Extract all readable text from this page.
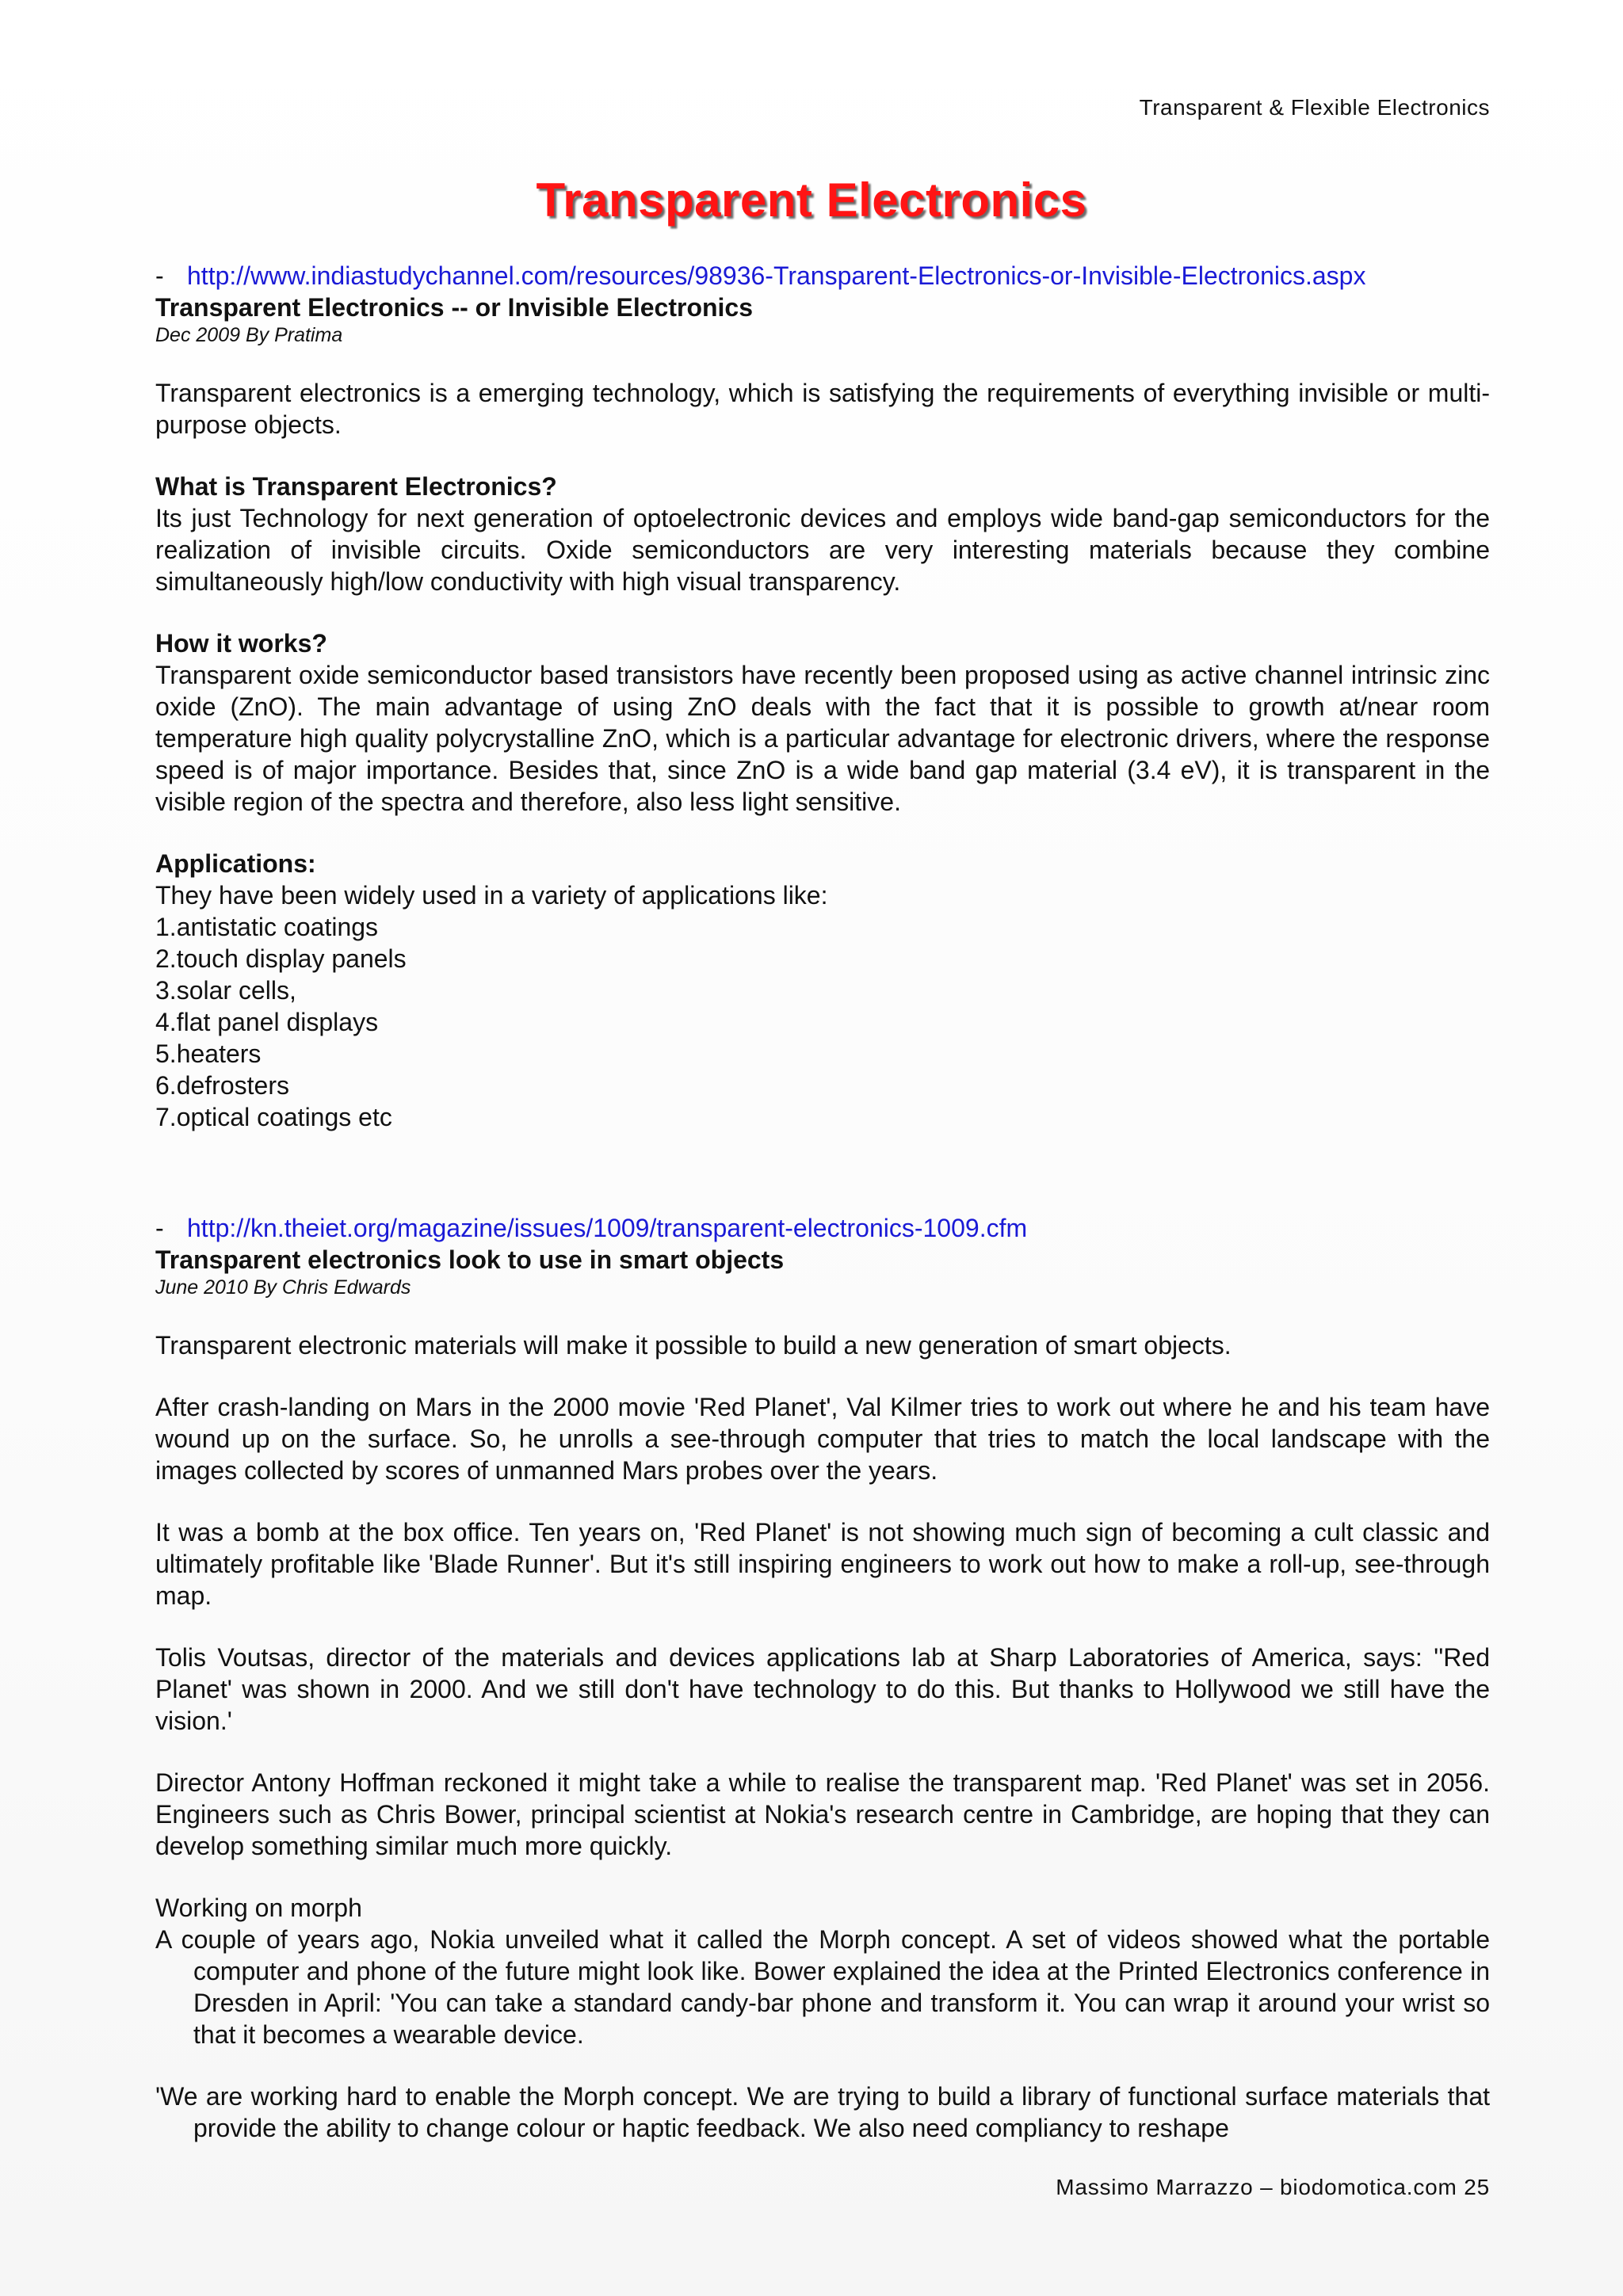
Transparent & Flexible Electronics
Transparent Electronics
- http://www.indiastudychannel.com/resources/98936-Transparent-Electronics-or-Invisible-Electronics.aspx
Transparent Electronics -- or Invisible Electronics
Dec 2009 By Pratima

Transparent electronics is a emerging technology, which is satisfying the requirements of everything invisible or multi-purpose objects.

What is Transparent Electronics?

Its just Technology for next generation of optoelectronic devices and employs wide band-gap semiconductors for the realization of invisible circuits. Oxide semiconductors are very interesting materials because they combine simultaneously high/low conductivity with high visual transparency.

How it works?

Transparent oxide semiconductor based transistors have recently been proposed using as active channel intrinsic zinc oxide (ZnO). The main advantage of using ZnO deals with the fact that it is possible to growth at/near room temperature high quality polycrystalline ZnO, which is a particular advantage for electronic drivers, where the response speed is of major importance. Besides that, since ZnO is a wide band gap material (3.4 eV), it is transparent in the visible region of the spectra and therefore, also less light sensitive.

Applications:

They have been widely used in a variety of applications like:

1.antistatic coatings
2.touch display panels
3.solar cells,
4.flat panel displays
5.heaters
6.defrosters
7.optical coatings etc
- http://kn.theiet.org/magazine/issues/1009/transparent-electronics-1009.cfm
Transparent electronics look to use in smart objects
June 2010 By Chris Edwards

Transparent electronic materials will make it possible to build a new generation of smart objects.

After crash-landing on Mars in the 2000 movie 'Red Planet', Val Kilmer tries to work out where he and his team have wound up on the surface. So, he unrolls a see-through computer that tries to match the local landscape with the images collected by scores of unmanned Mars probes over the years.

It was a bomb at the box office. Ten years on, 'Red Planet' is not showing much sign of becoming a cult classic and ultimately profitable like 'Blade Runner'. But it's still inspiring engineers to work out how to make a roll-up, see-through map.

Tolis Voutsas, director of the materials and devices applications lab at Sharp Laboratories of America, says: ''Red Planet' was shown in 2000. And we still don't have technology to do this. But thanks to Hollywood we still have the vision.'

Director Antony Hoffman reckoned it might take a while to realise the transparent map. 'Red Planet' was set in 2056. Engineers such as Chris Bower, principal scientist at Nokia's research centre in Cambridge, are hoping that they can develop something similar much more quickly.

Working on morph

A couple of years ago, Nokia unveiled what it called the Morph concept. A set of videos showed what the portable computer and phone of the future might look like. Bower explained the idea at the Printed Electronics conference in Dresden in April: 'You can take a standard candy-bar phone and transform it. You can wrap it around your wrist so that it becomes a wearable device.

'We are working hard to enable the Morph concept. We are trying to build a library of functional surface materials that provide the ability to change colour or haptic feedback. We also need compliancy to reshape

Massimo Marrazzo – biodomotica.com 25
